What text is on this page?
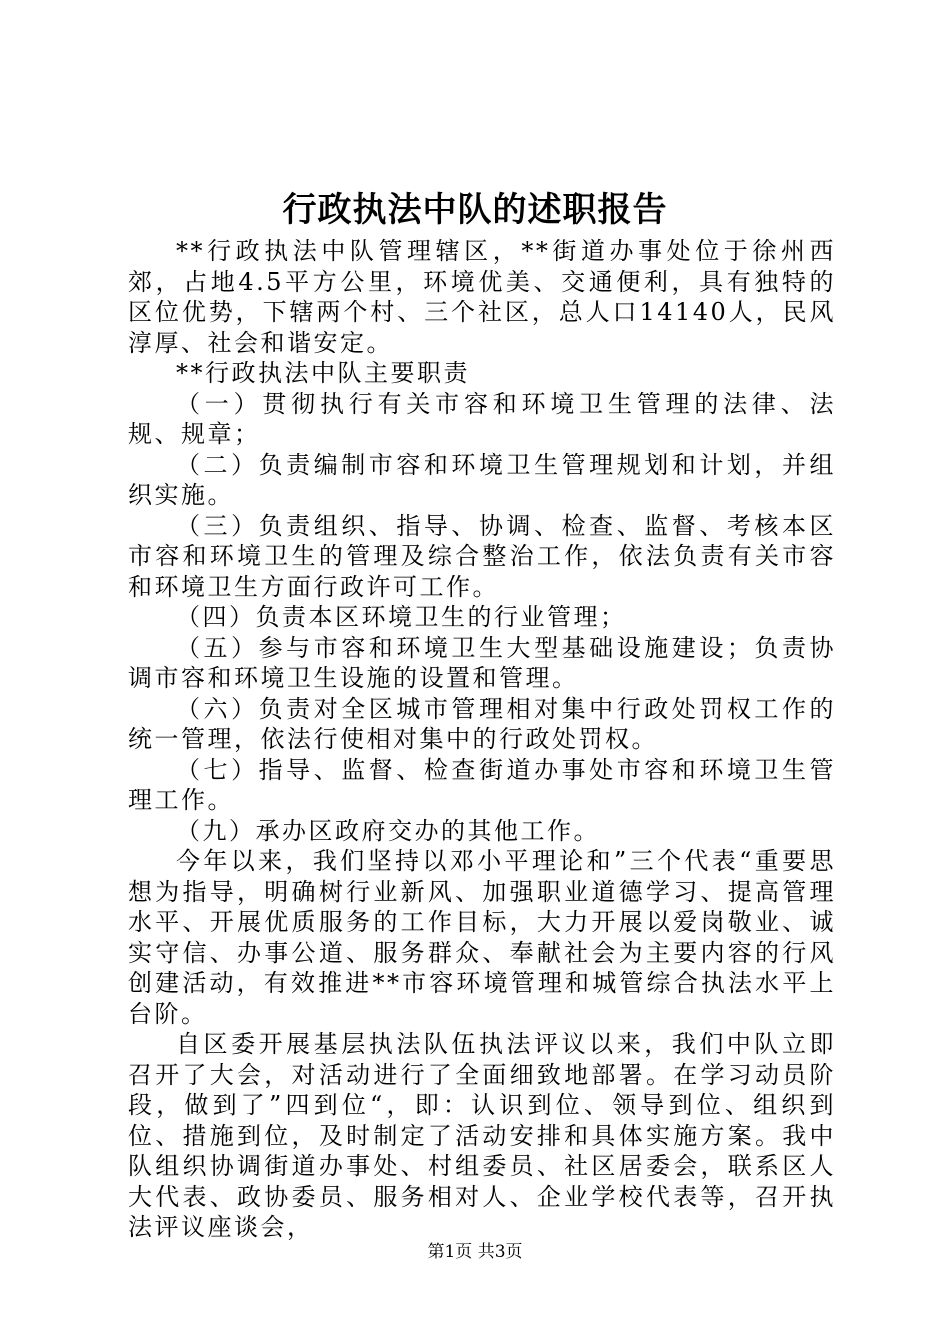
行政执法中队的述职报告

**行政执法中队管理辖区，**街道办事处位于徐州西郊，占地4.5平方公里，环境优美、交通便利，具有独特的区位优势，下辖两个村、三个社区，总人口14140人，民风淳厚、社会和谐安定。

**行政执法中队主要职责

（一）贯彻执行有关市容和环境卫生管理的法律、法规、规章；

（二）负责编制市容和环境卫生管理规划和计划，并组织实施。

（三）负责组织、指导、协调、检查、监督、考核本区市容和环境卫生的管理及综合整治工作，依法负责有关市容和环境卫生方面行政许可工作。

（四）负责本区环境卫生的行业管理；

（五）参与市容和环境卫生大型基础设施建设；负责协调市容和环境卫生设施的设置和管理。

（六）负责对全区城市管理相对集中行政处罚权工作的统一管理，依法行使相对集中的行政处罚权。

（七）指导、监督、检查街道办事处市容和环境卫生管理工作。

（九）承办区政府交办的其他工作。

今年以来，我们坚持以邓小平理论和”三个代表“重要思想为指导，明确树行业新风、加强职业道德学习、提高管理水平、开展优质服务的工作目标，大力开展以爱岗敬业、诚实守信、办事公道、服务群众、奉献社会为主要内容的行风创建活动，有效推进**市容环境管理和城管综合执法水平上台阶。

自区委开展基层执法队伍执法评议以来，我们中队立即召开了大会，对活动进行了全面细致地部署。在学习动员阶段，做到了”四到位“，即：认识到位、领导到位、组织到位、措施到位，及时制定了活动安排和具体实施方案。我中队组织协调街道办事处、村组委员、社区居委会，联系区人大代表、政协委员、服务相对人、企业学校代表等，召开执法评议座谈会，

第1页 共3页
